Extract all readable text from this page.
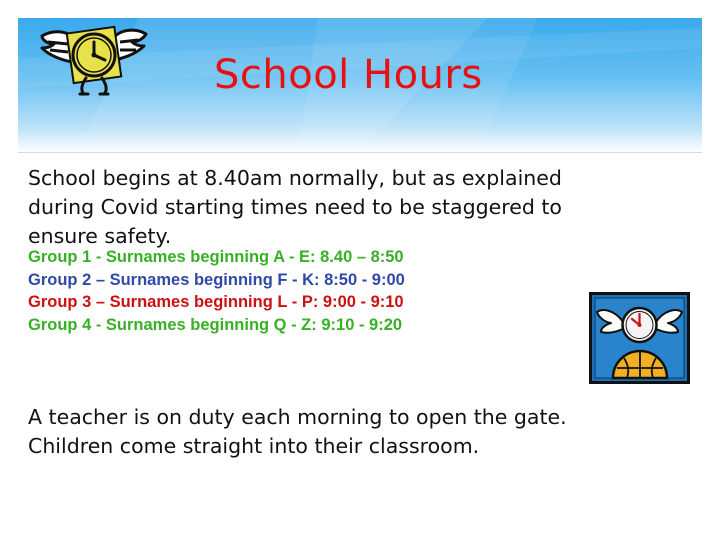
School Hours
School begins at 8.40am normally, but as explained during Covid starting times need to be staggered to ensure safety.
Group 1 - Surnames beginning A - E: 8.40 – 8:50
Group 2 – Surnames beginning F - K: 8:50 - 9:00
Group 3 – Surnames beginning L - P: 9:00 - 9:10
Group 4 - Surnames beginning Q - Z: 9:10 - 9:20
A teacher is on duty each morning to open the gate.
Children come straight into their classroom.
